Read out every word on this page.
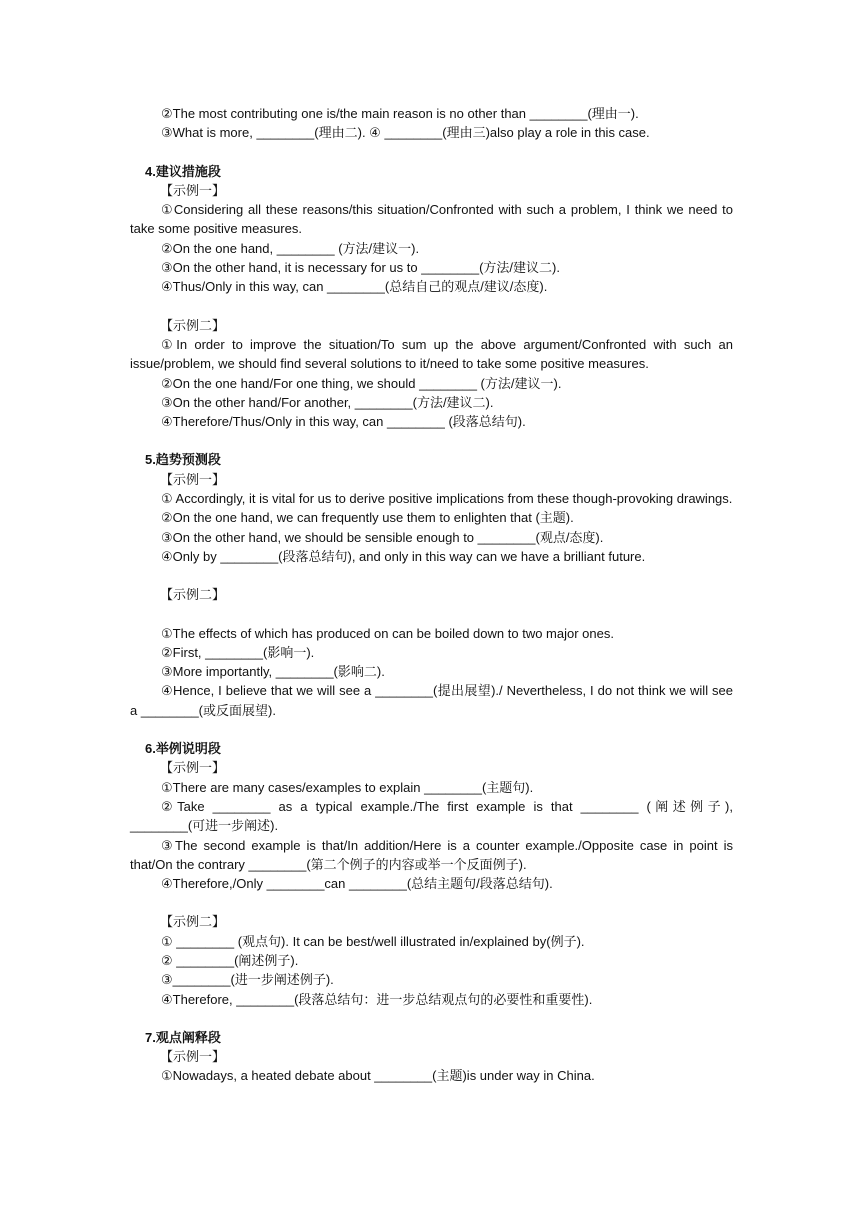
②The most contributing one is/the main reason is no other than ________(理由一).
③What is more, ________(理由二). ④ ________(理由三)also play a role in this case.
4.建议措施段
【示例一】
①Considering all these reasons/this situation/Confronted with such a problem, I think we need to take some positive measures.
②On the one hand, ________ (方法/建议一).
③On the other hand, it is necessary for us to ________(方法/建议二).
④Thus/Only in this way, can ________(总结自己的观点/建议/态度).
【示例二】
①In order to improve the situation/To sum up the above argument/Confronted with such an issue/problem, we should find several solutions to it/need to take some positive measures.
②On the one hand/For one thing, we should ________ (方法/建议一).
③On the other hand/For another, ________(方法/建议二).
④Therefore/Thus/Only in this way, can ________ (段落总结句).
5.趋势预测段
【示例一】
① Accordingly, it is vital for us to derive positive implications from these though-provoking drawings.
②On the one hand, we can frequently use them to enlighten that (主题).
③On the other hand, we should be sensible enough to ________(观点/态度).
④Only by ________(段落总结句), and only in this way can we have a brilliant future.
【示例二】
①The effects of which has produced on can be boiled down to two major ones.
②First, ________(影响一).
③More importantly, ________(影响二).
④Hence, I believe that we will see a ________(提出展望)./ Nevertheless, I do not think we will see a ________(或反面展望).
6.举例说明段
【示例一】
①There are many cases/examples to explain ________(主题句).
②Take ________ as a typical example./The first example is that ________ (阐述例子), ________(可进一步阐述).
③The second example is that/In addition/Here is a counter example./Opposite case in point is that/On the contrary ________(第二个例子的内容或举一个反面例子).
④Therefore,/Only ________can ________(总结主题句/段落总结句).
【示例二】
① ________ (观点句). It can be best/well illustrated in/explained by(例子).
② ________(阐述例子).
③________(进一步阐述例子).
④Therefore, ________(段落总结句：进一步总结观点句的必要性和重要性).
7.观点阐释段
【示例一】
①Nowadays, a heated debate about ________(主题)is under way in China.
